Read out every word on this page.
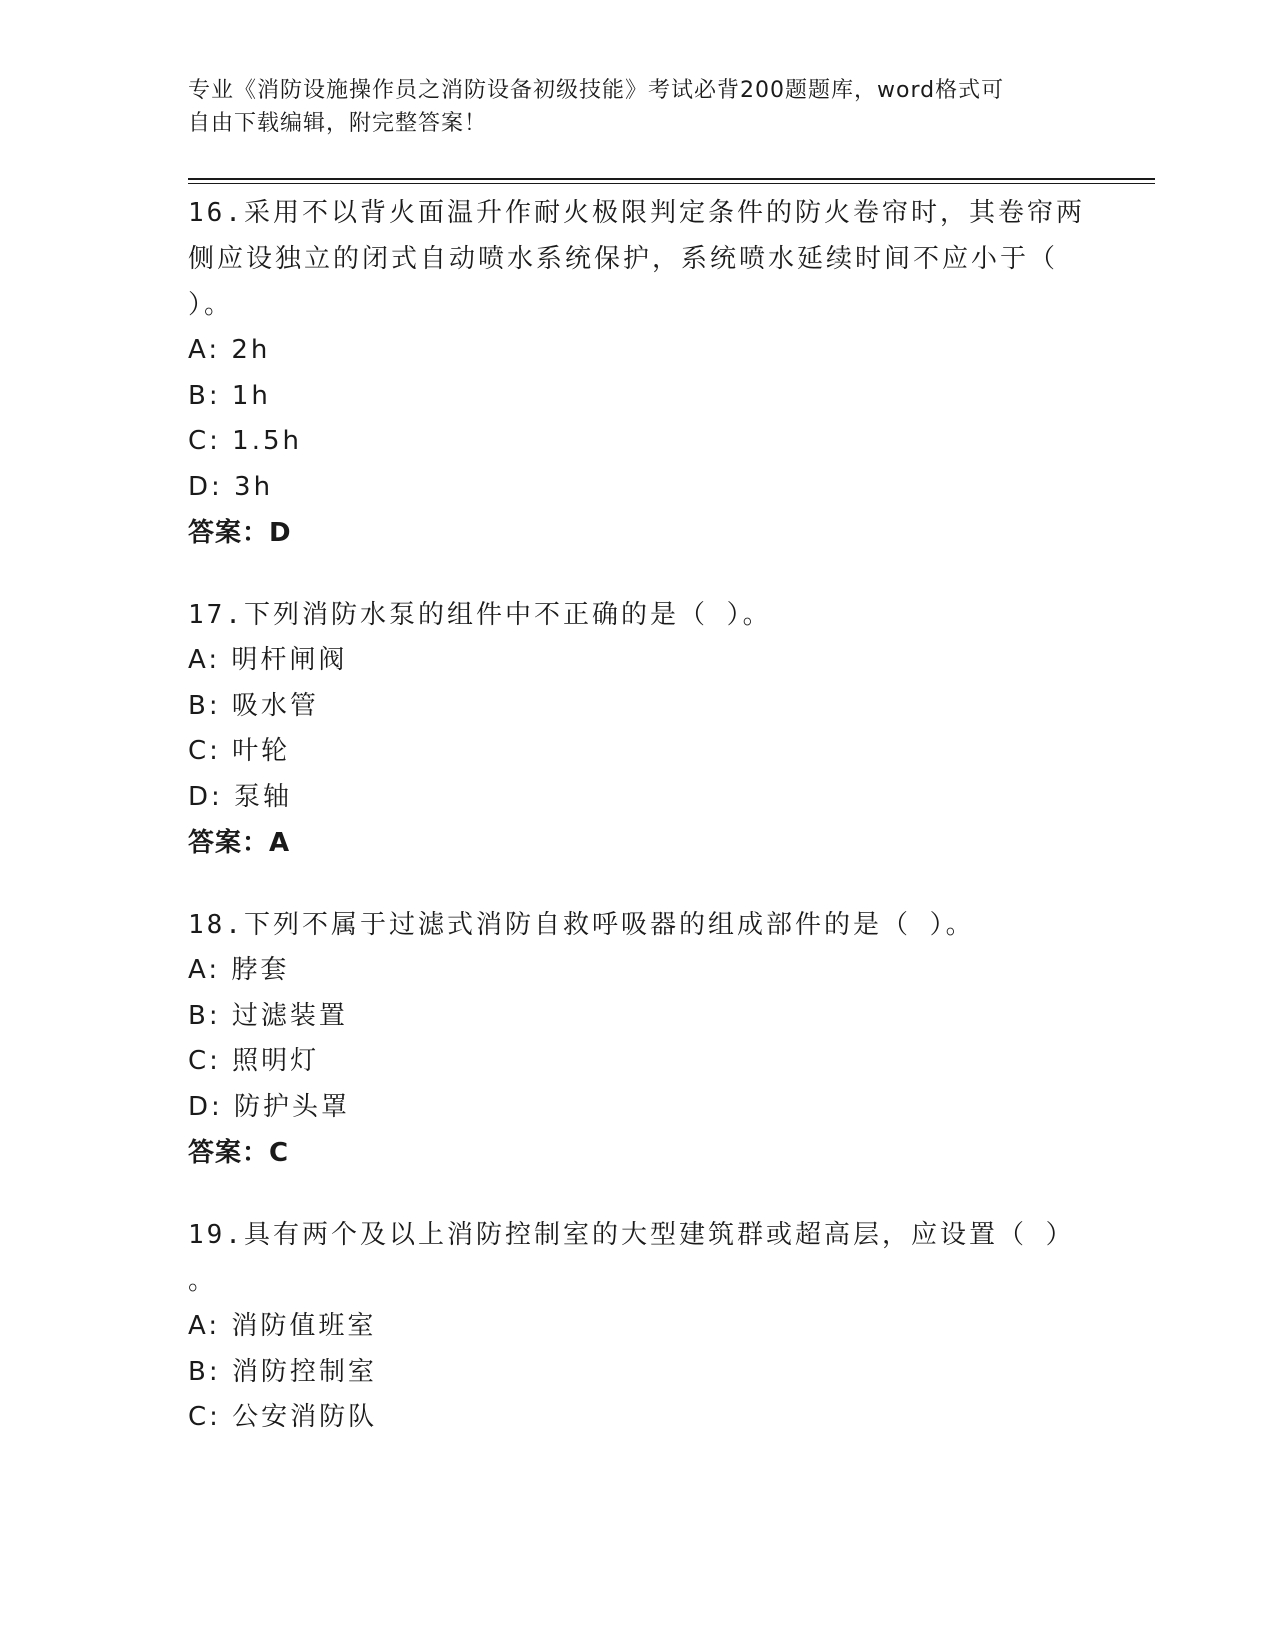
专业《消防设施操作员之消防设备初级技能》考试必背200题题库，word格式可
自由下载编辑，附完整答案！

16.采用不以背火面温升作耐火极限判定条件的防火卷帘时，其卷帘两

侧应设独立的闭式自动喷水系统保护，系统喷水延续时间不应小于（

）。

A: 2h

B: 1h

C: 1.5h

D: 3h

答案：D

17.下列消防水泵的组件中不正确的是（ ）。

A: 明杆闸阀

B: 吸水管

C: 叶轮

D: 泵轴

答案：A

18.下列不属于过滤式消防自救呼吸器的组成部件的是（ ）。

A: 脖套

B: 过滤装置

C: 照明灯

D: 防护头罩

答案：C

19.具有两个及以上消防控制室的大型建筑群或超高层，应设置（ ）

。

A: 消防值班室

B: 消防控制室

C: 公安消防队
